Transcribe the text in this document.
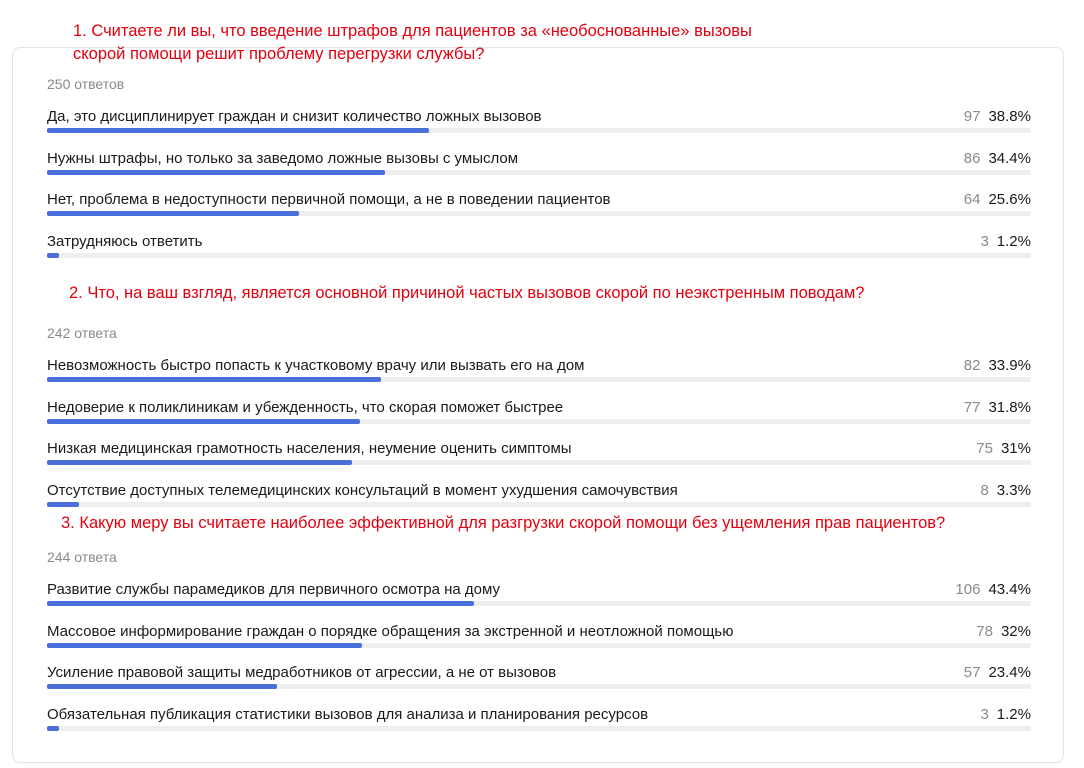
1. Считаете ли вы, что введение штрафов для пациентов за «необоснованные» вызовы
скорой помощи решит проблему перегрузки службы?
250 ответов
2. Что, на ваш взгляд, является основной причиной частых вызовов скорой по неэкстренным поводам?
242 ответа
3. Какую меру вы считаете наиболее эффективной для разгрузки скорой помощи без ущемления прав пациентов?
244 ответа
Да, это дисциплинирует граждан и снизит количество ложных вызовов	97 38.8%
Нужны штрафы, но только за заведомо ложные вызовы с умыслом	86 34.4%
Нет, проблема в недоступности первичной помощи, а не в поведении пациентов	64 25.6%
Затрудняюсь ответить	3 1.2%
Невозможность быстро попасть к участковому врачу или вызвать его на дом	82 33.9%
Недоверие к поликлиникам и убежденность, что скорая поможет быстрее	77 31.8%
Низкая медицинская грамотность населения, неумение оценить симптомы	75 31%
Отсутствие доступных телемедицинских консультаций в момент ухудшения самочувствия	8 3.3%
Развитие службы парамедиков для первичного осмотра на дому	106 43.4%
Массовое информирование граждан о порядке обращения за экстренной и неотложной помощью	78 32%
Усиление правовой защиты медработников от агрессии, а не от вызовов	57 23.4%
Обязательная публикация статистики вызовов для анализа и планирования ресурсов	3 1.2%
